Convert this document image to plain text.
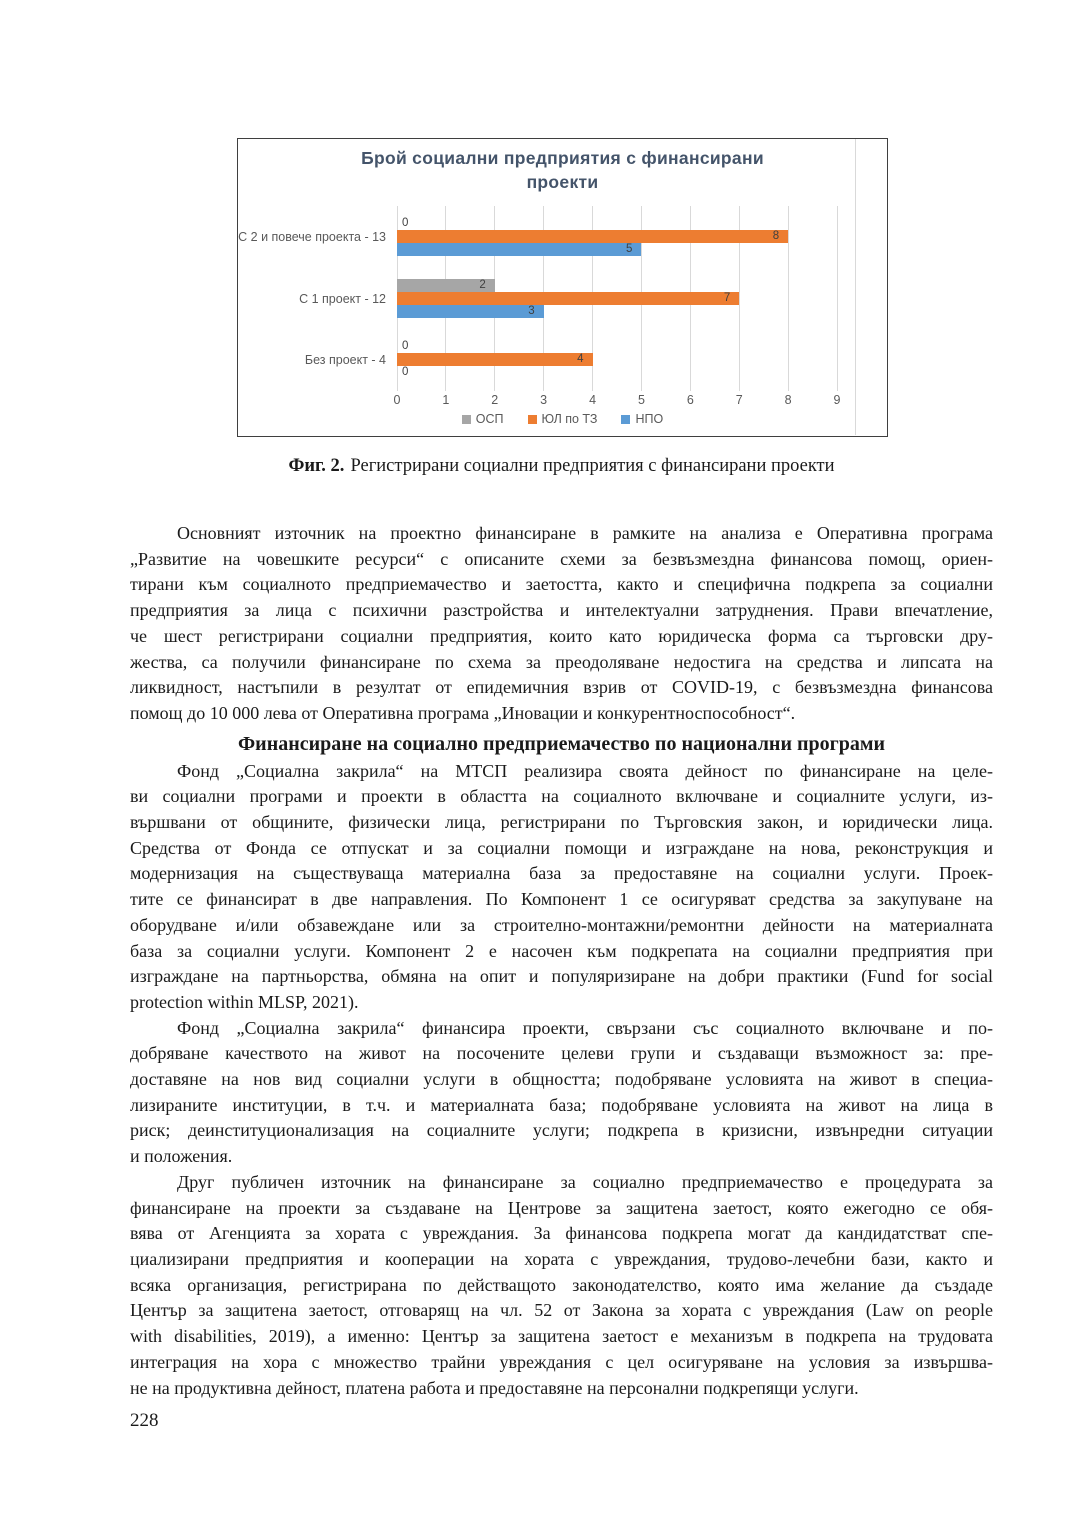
Брой социални предприятия с финансирани проекти
С 2 и повече проекта - 13
0
8
5
С 1 проект - 12
2
7
3
Без проект - 4
0
4
0
0	1	2	3	4	5	6	7	8	9
ОСП	ЮЛ по ТЗ	НПО
Фиг. 2. Регистрирани социални предприятия с финансирани проекти
Основният източник на проектно финансиране в рамките на анализа е Оперативна програма
„Развитие на човешките ресурси“ с описаните схеми за безвъзмездна финансова помощ, ориен-
тирани към социалното предприемачество и заетостта, както и специфична подкрепа за социални
предприятия за лица с психични разстройства и интелектуални затруднения. Прави впечатление,
че шест регистрирани социални предприятия, които като юридическа форма са търговски дру-
жества, са получили финансиране по схема за преодоляване недостига на средства и липсата на
ликвидност, настъпили в резултат от епидемичния взрив от COVID-19, с безвъзмездна финансова
помощ до 10 000 лева от Оперативна програма „Иновации и конкурентноспособност“.
Финансиране на социално предприемачество по национални програми
Фонд „Социална закрила“ на МТСП реализира своята дейност по финансиране на целе-
ви социални програми и проекти в областта на социалното включване и социалните услуги, из-
вършвани от общините, физически лица, регистрирани по Търговския закон, и юридически лица.
Средства от Фонда се отпускат и за социални помощи и изграждане на нова, реконструкция и
модернизация на съществуваща материална база за предоставяне на социални услуги. Проек-
тите се финансират в две направления. По Компонент 1 се осигуряват средства за закупуване на
оборудване и/или обзавеждане или за строително-монтажни/ремонтни дейности на материалната
база за социални услуги. Компонент 2 е насочен към подкрепата на социални предприятия при
изграждане на партньорства, обмяна на опит и популяризиране на добри практики (Fund for social
protection within MLSP, 2021).
Фонд „Социална закрила“ финансира проекти, свързани със социалното включване и по-
добряване качеството на живот на посочените целеви групи и създаващи възможност за: пре-
доставяне на нов вид социални услуги в общността; подобряване условията на живот в специа-
лизираните институции, в т.ч. и материалната база; подобряване условията на живот на лица в
риск; деинституционализация на социалните услуги; подкрепа в кризисни, извънредни ситуации
и положения.
Друг публичен източник на финансиране за социално предприемачество е процедурата за
финансиране на проекти за създаване на Центрове за защитена заетост, която ежегодно се обя-
вява от Агенцията за хората с увреждания. За финансова подкрепа могат да кандидатстват спе-
циализирани предприятия и кооперации на хората с увреждания, трудово-лечебни бази, както и
всяка организация, регистрирана по действащото законодателство, която има желание да създаде
Център за защитена заетост, отговарящ на чл. 52 от Закона за хората с увреждания (Law on people
with disabilities, 2019), а именно: Център за защитена заетост е механизъм в подкрепа на трудовата
интеграция на хора с множество трайни увреждания с цел осигуряване на условия за извършва-
не на продуктивна дейност, платена работа и предоставяне на персонални подкрепящи услуги.
228
